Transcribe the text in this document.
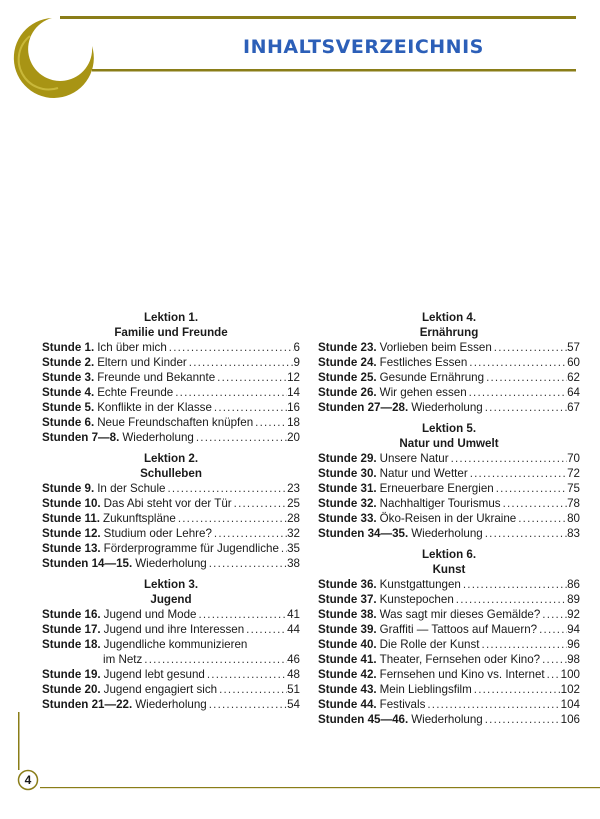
INHALTSVERZEICHNIS
Lektion 1.
Familie und Freunde
Stunde 1. Ich über mich .....	6
Stunde 2. Eltern und Kinder .....	9
Stunde 3. Freunde und Bekannte .....	12
Stunde 4. Echte Freunde .....	14
Stunde 5. Konflikte in der Klasse .....	16
Stunde 6. Neue Freundschaften knüpfen .....	18
Stunden 7—8. Wiederholung .....	20
Lektion 2.
Schulleben
Stunde 9. In der Schule .....	23
Stunde 10. Das Abi steht vor der Tür .....	25
Stunde 11. Zukunftspläne .....	28
Stunde 12. Studium oder Lehre? .....	32
Stunde 13. Förderprogramme für Jugendliche ..... 35
Stunden 14—15. Wiederholung .....	38
Lektion 3.
Jugend
Stunde 16. Jugend und Mode .....	41
Stunde 17. Jugend und ihre Interessen .....	44
Stunde 18. Jugendliche kommunizieren
im Netz .....	46
Stunde 19. Jugend lebt gesund .....	48
Stunde 20. Jugend engagiert sich .....	51
Stunden 21—22. Wiederholung .....	54
Lektion 4.
Ernährung
Stunde 23. Vorlieben beim Essen .....	57
Stunde 24. Festliches Essen .....	60
Stunde 25. Gesunde Ernährung .....	62
Stunde 26. Wir gehen essen .....	64
Stunden 27—28. Wiederholung .....	67
Lektion 5.
Natur und Umwelt
Stunde 29. Unsere Natur .....	70
Stunde 30. Natur und Wetter .....	72
Stunde 31. Erneuerbare Energien .....	75
Stunde 32. Nachhaltiger Tourismus .....	78
Stunde 33. Öko-Reisen in der Ukraine .....	80
Stunden 34—35. Wiederholung .....	83
Lektion 6.
Kunst
Stunde 36. Kunstgattungen .....	86
Stunde 37. Kunstepochen .....	89
Stunde 38. Was sagt mir dieses Gemälde? ..... 92
Stunde 39. Graffiti — Tattoos auf Mauern? .....	94
Stunde 40. Die Rolle der Kunst .....	96
Stunde 41. Theater, Fernsehen oder Kino? ..... 98
Stunde 42. Fernsehen und Kino vs. Internet ..... 100
Stunde 43. Mein Lieblingsfilm .....	102
Stunde 44. Festivals .....	104
Stunden 45—46. Wiederholung .....	106
4
